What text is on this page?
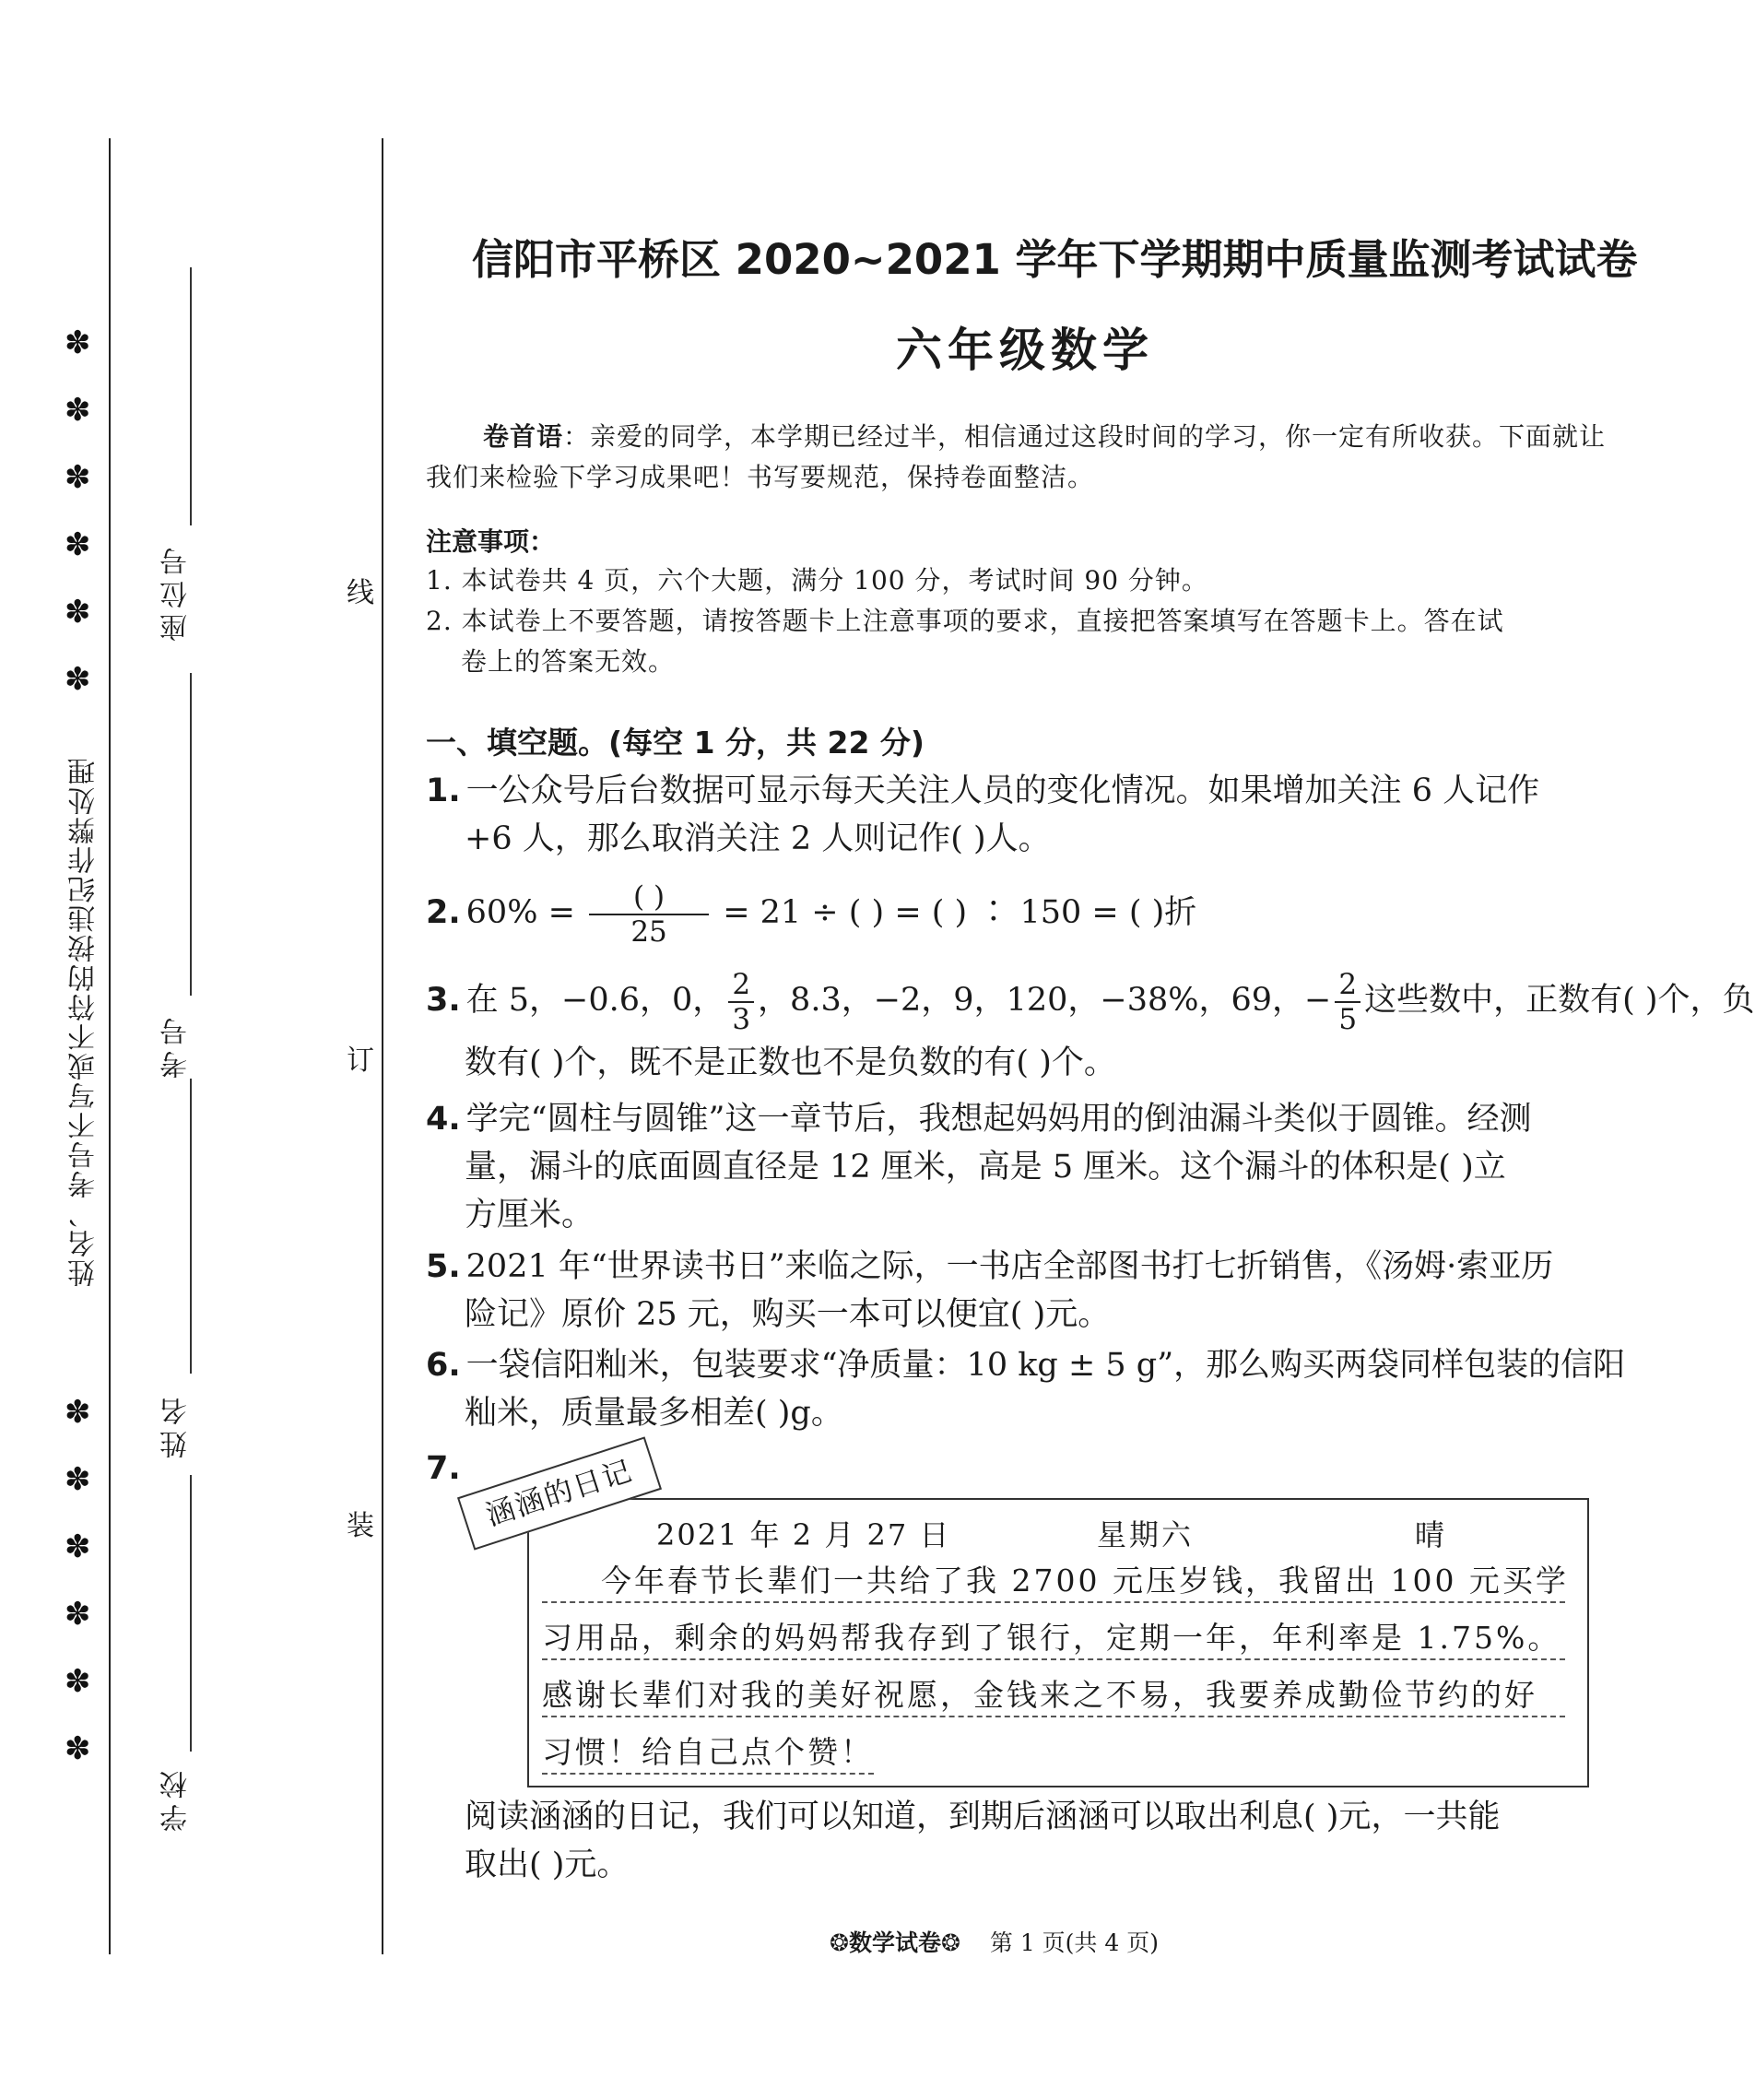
✽
✽
✽
✽
✽
✽
姓名、考号不写或不符的按违纪作弊处理
✽
✽
✽
✽
✽
✽
座位号
考号
姓名
学校
线
订
装
信阳市平桥区 2020~2021 学年下学期期中质量监测考试试卷
六年级数学
卷首语：亲爱的同学，本学期已经过半，相信通过这段时间的学习，你一定有所收获。下面就让我们来检验下学习成果吧！书写要规范，保持卷面整洁。
注意事项：
1. 本试卷共 4 页，六个大题，满分 100 分，考试时间 90 分钟。
2. 本试卷上不要答题，请按答题卡上注意事项的要求，直接把答案填写在答题卡上。答在试
卷上的答案无效。
一、填空题。(每空 1 分，共 22 分)
1. 一公众号后台数据可显示每天关注人员的变化情况。如果增加关注 6 人记作
+6 人，那么取消关注 2 人则记作( )人。
2. $60\% = \frac{( )}{25} = 21$ ÷ ( ) = ( ) ∶ 150 = ( )折
3. 在 5，−0.6，0， $\frac{2}{3}$ ，8.3，−2，9，120，−38%，69，− $\frac{2}{5}$ 这些数中，正数有( )个，负
数有( )个，既不是正数也不是负数的有( )个。
4. 学完“圆柱与圆锥”这一章节后，我想起妈妈用的倒油漏斗类似于圆锥。经测
量，漏斗的底面圆直径是 12 厘米，高是 5 厘米。这个漏斗的体积是( )立
方厘米。
5. 2021 年“世界读书日”来临之际，一书店全部图书打七折销售，《汤姆·索亚历
险记》原价 25 元，购买一本可以便宜( )元。
6. 一袋信阳籼米，包装要求“净质量：10 kg ± 5 g”，那么购买两袋同样包装的信阳
籼米，质量最多相差( )g。
7. 涵涵的日记
2021 年 2 月 27 日	星期六	晴
今年春节长辈们一共给了我 2700 元压岁钱，我留出 100 元买学
习用品，剩余的妈妈帮我存到了银行，定期一年，年利率是 1.75%。
感谢长辈们对我的美好祝愿，金钱来之不易，我要养成勤俭节约的好
习惯！给自己点个赞！
阅读涵涵的日记，我们可以知道，到期后涵涵可以取出利息( )元，一共能
取出( )元。
❂数学试卷❂ 第 1 页(共 4 页)
